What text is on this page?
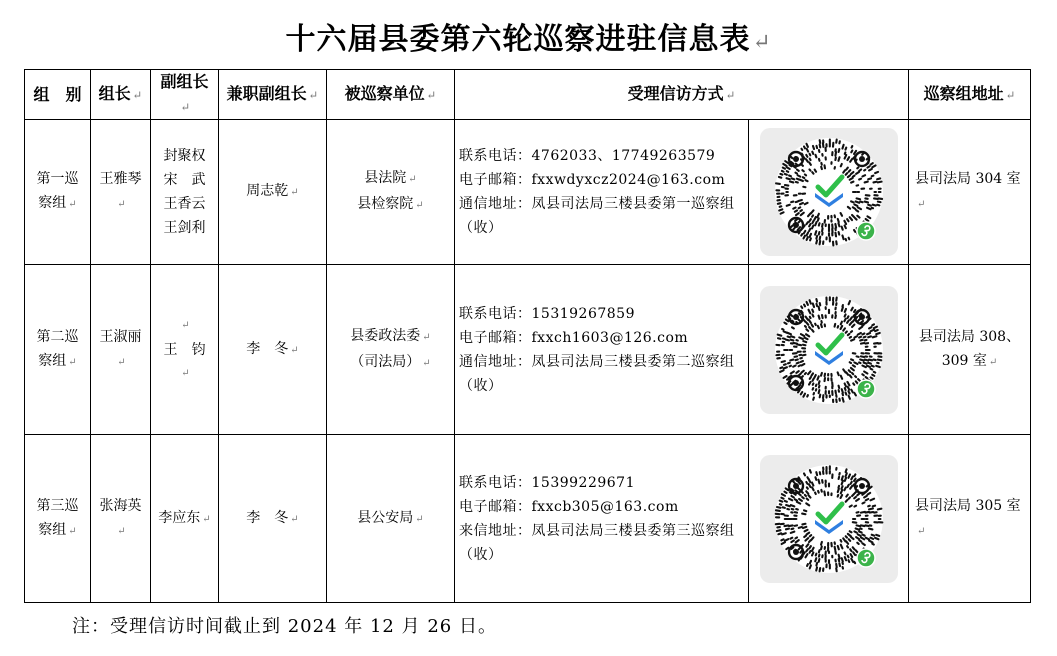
十六届县委第六轮巡察进驻信息表↵
组　别	组长 ↵	副组长↵	兼职副组长 ↵	被巡察单位 ↵	受理信访方式 ↵		巡察组地址 ↵
第一巡察组 ↵	王雅琴↵	封聚权
宋　武
王香云
王剑利	周志乾 ↵	县法院 ↵
县检察院 ↵	联系电话：4762033、17749263579
电子邮箱：fxxwdyxcz2024@163.com
通信地址：凤县司法局三楼县委第一巡察组（收）		县司法局 304 室↵
第二巡察组 ↵	王淑丽↵	↵
王　钧
↵	李　冬 ↵	县委政法委 ↵
（司法局） ↵	联系电话：15319267859
电子邮箱：fxxch1603@126.com
通信地址：凤县司法局三楼县委第二巡察组（收）		县司法局 308、309 室 ↵
第三巡察组 ↵	张海英↵	李应东 ↵	李　冬 ↵	县公安局 ↵	联系电话：15399229671
电子邮箱：fxxcb305@163.com
来信地址：凤县司法局三楼县委第三巡察组（收）		县司法局 305 室↵
注：受理信访时间截止到 2024 年 12 月 26 日。
